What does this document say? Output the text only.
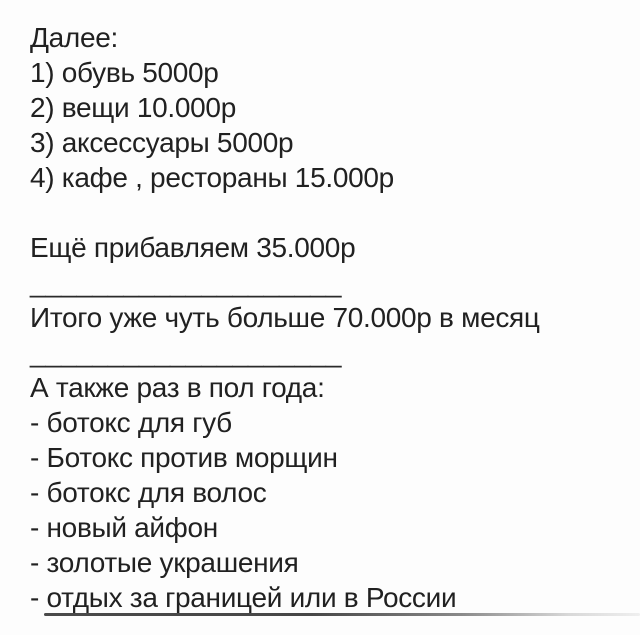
Далее:
1) обувь 5000р
2) вещи 10.000р
3) аксессуары 5000р
4) кафе , рестораны 15.000р
Ещё прибавляем 35.000р
____________________
Итого уже чуть больше 70.000р в месяц
____________________
А также раз в пол года:
- ботокс для губ
- Ботокс против морщин
- ботокс для волос
- новый айфон
- золотые украшения
- отдых за границей или в России
